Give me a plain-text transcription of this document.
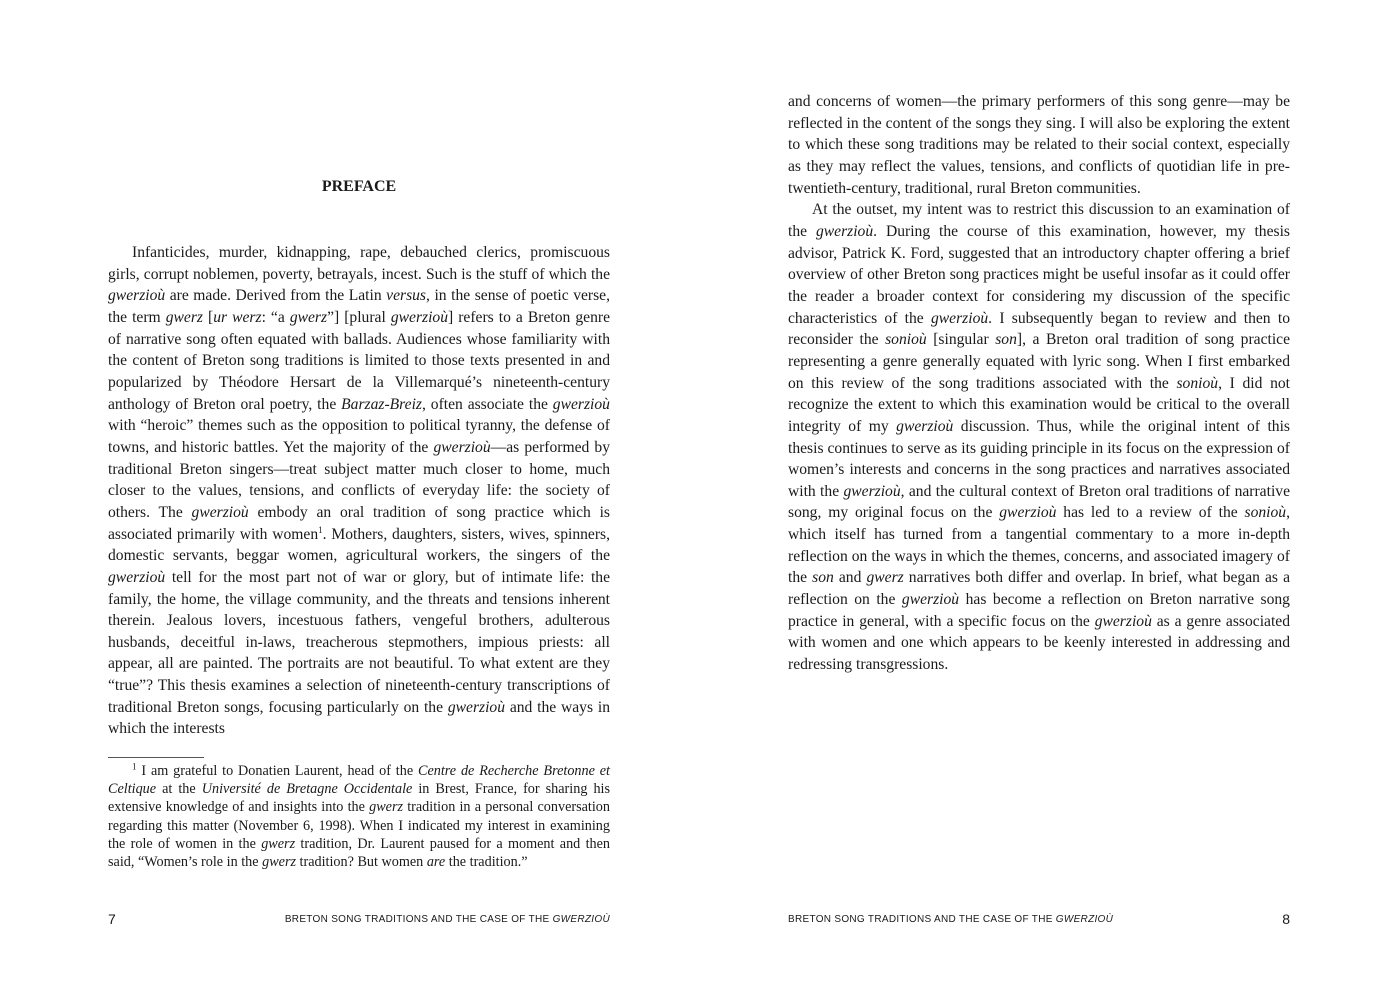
PREFACE

Infanticides, murder, kidnapping, rape, debauched clerics, promiscuous girls, corrupt noblemen, poverty, betrayals, incest. Such is the stuff of which the gwerzioù are made. Derived from the Latin versus, in the sense of poetic verse, the term gwerz [ur werz: “a gwerz”] [plural gwerzioù] refers to a Breton genre of narrative song often equated with ballads. Audiences whose familiarity with the content of Breton song traditions is limited to those texts presented in and popularized by Théodore Hersart de la Villemarqué’s nineteenth-century anthology of Breton oral poetry, the Barzaz-Breiz, often associate the gwerzioù with “heroic” themes such as the opposition to political tyranny, the defense of towns, and historic battles. Yet the majority of the gwerzioù—as performed by traditional Breton singers—treat subject matter much closer to home, much closer to the values, tensions, and conflicts of everyday life: the society of others. The gwerzioù embody an oral tradition of song practice which is associated primarily with women$^1$. Mothers, daughters, sisters, wives, spinners, domestic servants, beggar women, agricultural workers, the singers of the gwerzioù tell for the most part not of war or glory, but of intimate life: the family, the home, the village community, and the threats and tensions inherent therein. Jealous lovers, incestuous fathers, vengeful brothers, adulterous husbands, deceitful in-laws, treacherous stepmothers, impious priests: all appear, all are painted. The portraits are not beautiful. To what extent are they “true”? This thesis examines a selection of nineteenth-century transcriptions of traditional Breton songs, focusing particularly on the gwerzioù and the ways in which the interests

$^1$ I am grateful to Donatien Laurent, head of the Centre de Recherche Bretonne et Celtique at the Université de Bretagne Occidentale in Brest, France, for sharing his extensive knowledge of and insights into the gwerz tradition in a personal conversation regarding this matter (November 6, 1998). When I indicated my interest in examining the role of women in the gwerz tradition, Dr. Laurent paused for a moment and then said, “Women’s role in the gwerz tradition? But women are the tradition.”

7	BRETON SONG TRADITIONS AND THE CASE OF THE GWERZIOÙ

and concerns of women—the primary performers of this song genre—may be reflected in the content of the songs they sing. I will also be exploring the extent to which these song traditions may be related to their social context, especially as they may reflect the values, tensions, and conflicts of quotidian life in pre-twentieth-century, traditional, rural Breton communities.

At the outset, my intent was to restrict this discussion to an examination of the gwerzioù. During the course of this examination, however, my thesis advisor, Patrick K. Ford, suggested that an introductory chapter offering a brief overview of other Breton song practices might be useful insofar as it could offer the reader a broader context for considering my discussion of the specific characteristics of the gwerzioù. I subsequently began to review and then to reconsider the sonioù [singular son], a Breton oral tradition of song practice representing a genre generally equated with lyric song. When I first embarked on this review of the song traditions associated with the sonioù, I did not recognize the extent to which this examination would be critical to the overall integrity of my gwerzioù discussion. Thus, while the original intent of this thesis continues to serve as its guiding principle in its focus on the expression of women’s interests and concerns in the song practices and narratives associated with the gwerzioù, and the cultural context of Breton oral traditions of narrative song, my original focus on the gwerzioù has led to a review of the sonioù, which itself has turned from a tangential commentary to a more in-depth reflection on the ways in which the themes, concerns, and associated imagery of the son and gwerz narratives both differ and overlap. In brief, what began as a reflection on the gwerzioù has become a reflection on Breton narrative song practice in general, with a specific focus on the gwerzioù as a genre associated with women and one which appears to be keenly interested in addressing and redressing transgressions.

BRETON SONG TRADITIONS AND THE CASE OF THE GWERZIOÙ	8
